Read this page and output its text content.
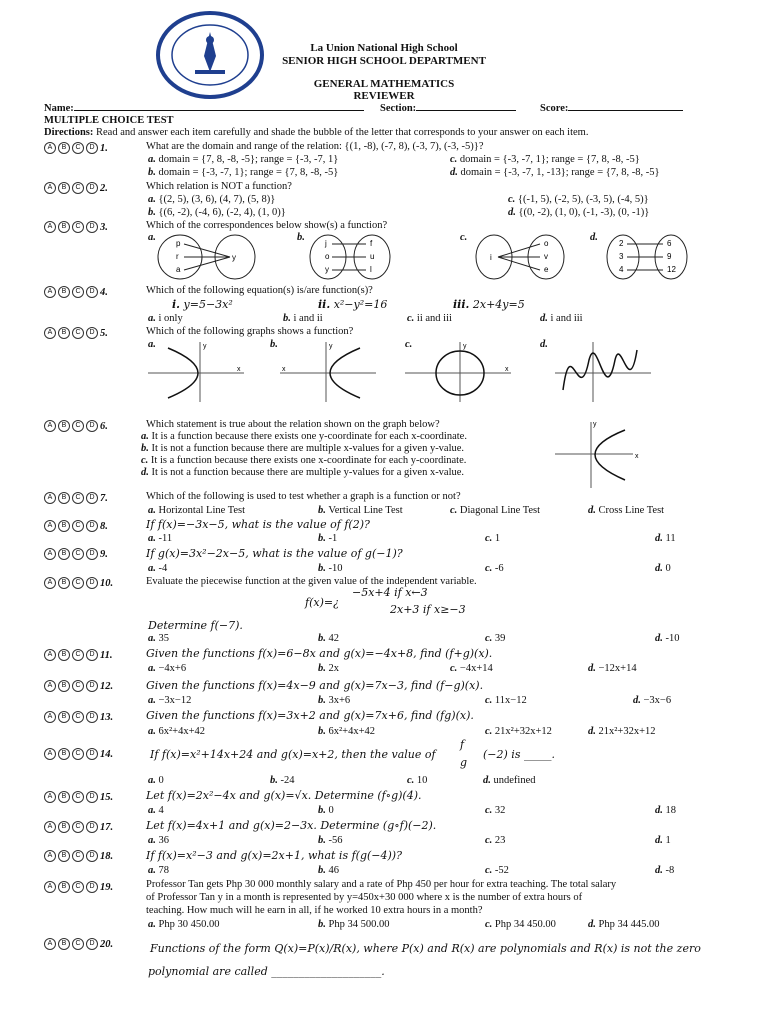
La Union National High School
SENIOR HIGH SCHOOL DEPARTMENT
GENERAL MATHEMATICS
REVIEWER
Name:	Section:	Score:
MULTIPLE CHOICE TEST
Directions: Read and answer each item carefully and shade the bubble of the letter that corresponds to your answer on each item.
A	B	C	D 1.	What are the domain and range of the relation: {(1, -8), (-7, 8), (-3, 7), (-3, -5)}?
a. domain = {7, 8, -8, -5}; range = {-3, -7, 1}	c. domain = {-3, -7, 1}; range = {7, 8, -8, -5}
b. domain = {-3, -7, 1}; range = {7, 8, -8, -5}	d. domain = {-3, -7, 1, -13}; range = {7, 8, -8, -5}
A	B	C	D 2.	Which relation is NOT a function?
a. {(2, 5), (3, 6), (4, 7), (5, 8)}	c. {(-1, 5), (-2, 5), (-3, 5), (-4, 5)}
b. {(6, -2), (-4, 6), (-2, 4), (1, 0)}	d. {(0, -2), (1, 0), (-1, -3), (0, -1)}
A	B	C	D 3.	Which of the correspondences below show(s) a function?
a.	b.	c.	d.
A	B	C	D 4.	Which of the following equation(s) is/are function(s)?
i. y=5−3x²	ii. x²−y²=16	iii. 2x+4y=5
a. i only	b. i and ii	c. ii and iii	d. i and iii
A	B	C	D 5.	Which of the following graphs shows a function?
a.	b.	c.	d.
A	B	C	D 6.	Which statement is true about the relation shown on the graph below?
a. It is a function because there exists one y-coordinate for each x-coordinate.
b. It is not a function because there are multiple x-values for a given y-value.
c. It is a function because there exists one x-coordinate for each y-coordinate.
d. It is not a function because there are multiple y-values for a given x-value.
A	B	C	D 7.	Which of the following is used to test whether a graph is a function or not?
a. Horizontal Line Test	b. Vertical Line Test	c. Diagonal Line Test	d. Cross Line Test
A	B	C	D 8.	If f(x)=−3x−5, what is the value of f(2)?
a. -11	b. -1	c. 1	d. 11
A	B	C	D 9.	If g(x)=3x²−2x−5, what is the value of g(−1)?
a. -4	b. -10	c. -6	d. 0
A	B	C	D 10.	Evaluate the piecewise function at the given value of the independent variable.
f(x)=¿
−5x+4 if x←3
2x+3 if x≥−3
Determine f(−7).
a. 35	b. 42	c. 39	d. -10
A	B	C	D 11.	Given the functions f(x)=6−8x and g(x)=−4x+8, find (f+g)(x).
a. −4x+6	b. 2x	c. −4x+14	d. −12x+14
A	B	C	D 12.	Given the functions f(x)=4x−9 and g(x)=7x−3, find (f−g)(x).
a. −3x−12	b. 3x+6	c. 11x−12	d. −3x−6
A	B	C	D 13.	Given the functions f(x)=3x+2 and g(x)=7x+6, find (fg)(x).
a. 6x²+4x+42	b. 6x²+4x+42	c. 21x²+32x+12	d. 21x²+32x+12
A	B	C	D 14.	If f(x)=x²+14x+24 and g(x)=x+2, then the value of
f
g
(−2) is _____.
a. 0	b. -24	c. 10	d. undefined
A	B	C	D 15.	Let f(x)=2x²−4x and g(x)=√x. Determine (f∘g)(4).
a. 4	b. 0	c. 32	d. 18
A	B	C	D 17.	Let f(x)=4x+1 and g(x)=2−3x. Determine (g∘f)(−2).
a. 36	b. -56	c. 23	d. 1
A	B	C	D 18.	If f(x)=x²−3 and g(x)=2x+1, what is f(g(−4))?
a. 78	b. 46	c. -52	d. -8
A	B	C	D 19.	Professor Tan gets Php 30 000 monthly salary and a rate of Php 450 per hour for extra teaching. The total salary
of Professor Tan y in a month is represented by y=450x+30 000 where x is the number of extra hours of
teaching. How much will he earn in all, if he worked 10 extra hours in a month?
a. Php 30 450.00	b. Php 34 500.00	c. Php 34 450.00	d. Php 34 445.00
A	B	C	D 20.	Functions of the form Q(x)=P(x)/R(x), where P(x) and R(x) are polynomials and R(x) is not the zero
polynomial are called ____________________.
p
r
a
y
j
o
y
f
u
l
i
o
v
e
2
3
4
6
9
12
x
y
x
y
x
y
x
y
